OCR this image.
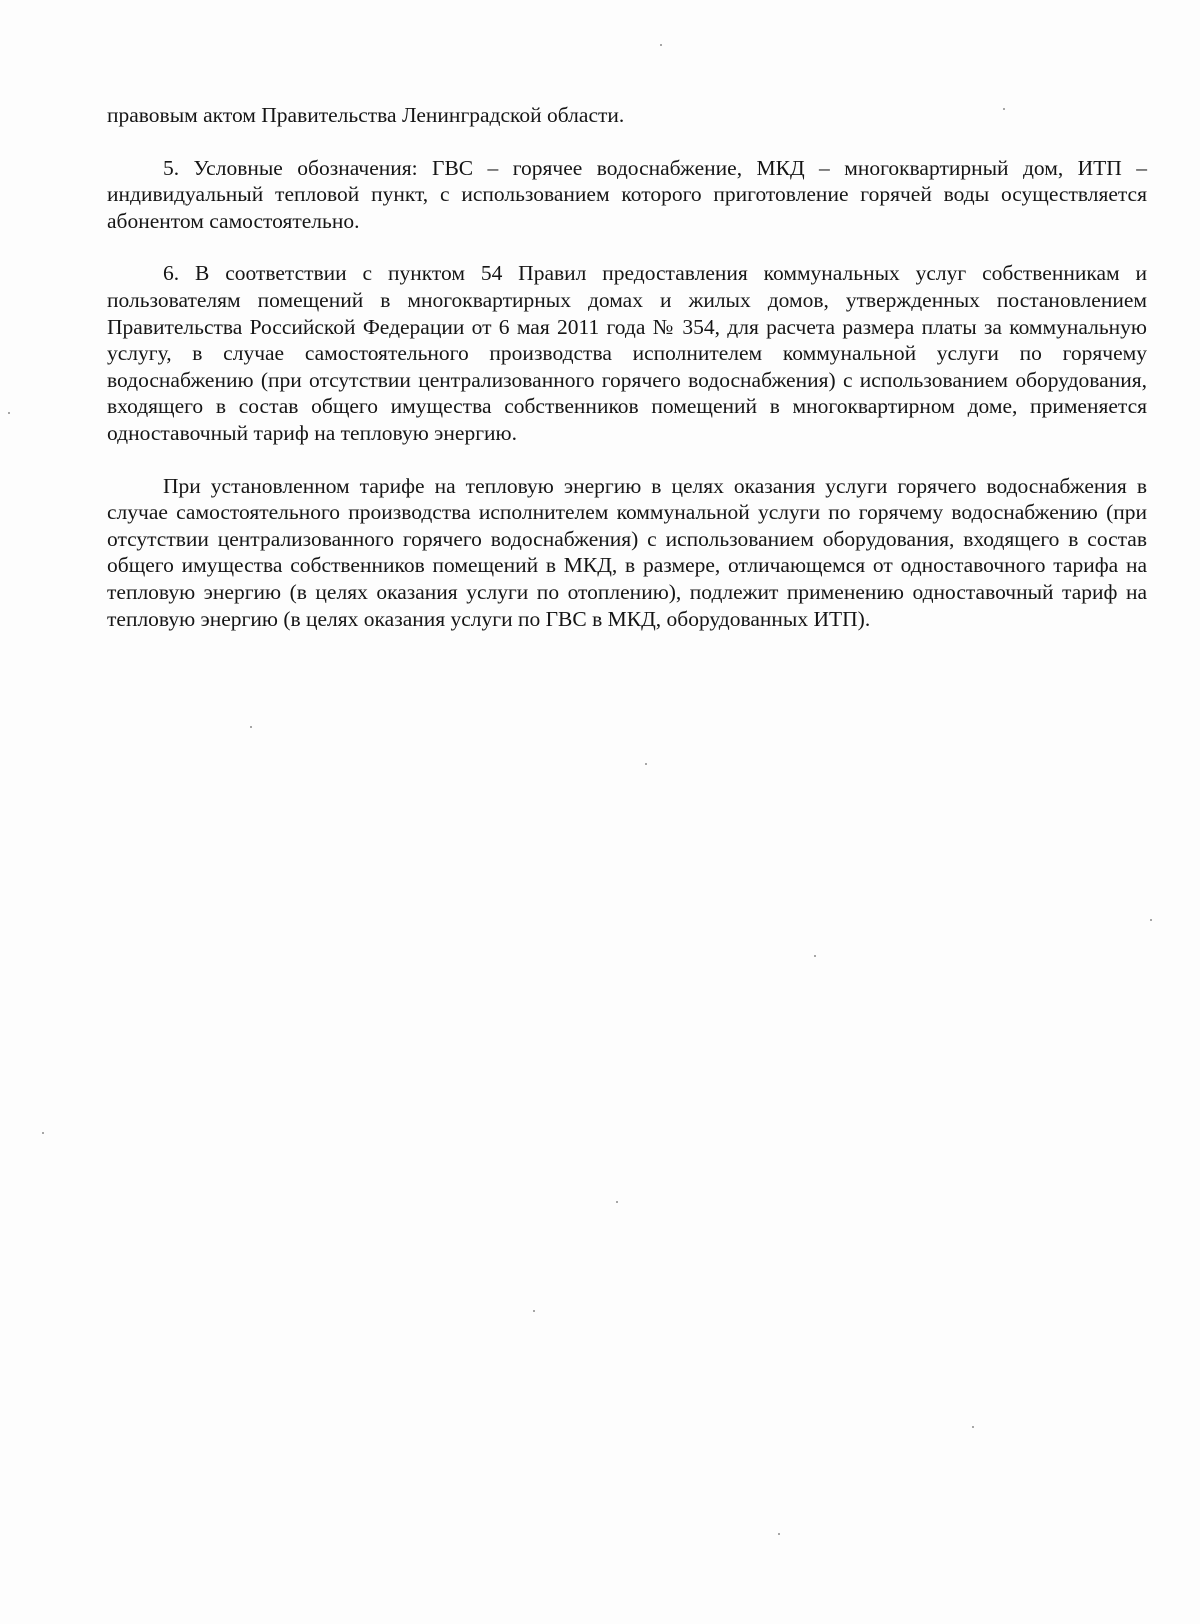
правовым актом Правительства Ленинградской области.

5. Условные обозначения: ГВС – горячее водоснабжение, МКД – многоквартирный дом, ИТП – индивидуальный тепловой пункт, с использованием которого приготовление горячей воды осуществляется абонентом самостоятельно.

6. В соответствии с пунктом 54 Правил предоставления коммунальных услуг собственникам и пользователям помещений в многоквартирных домах и жилых домов, утвержденных постановлением Правительства Российской Федерации от 6 мая 2011 года № 354, для расчета размера платы за коммунальную услугу, в случае самостоятельного производства исполнителем коммунальной услуги по горячему водоснабжению (при отсутствии централизованного горячего водоснабжения) с использованием оборудования, входящего в состав общего имущества собственников помещений в многоквартирном доме, применяется одноставочный тариф на тепловую энергию.

При установленном тарифе на тепловую энергию в целях оказания услуги горячего водоснабжения в случае самостоятельного производства исполнителем коммунальной услуги по горячему водоснабжению (при отсутствии централизованного горячего водоснабжения) с использованием оборудования, входящего в состав общего имущества собственников помещений в МКД, в размере, отличающемся от одноставочного тарифа на тепловую энергию (в целях оказания услуги по отоплению), подлежит применению одноставочный тариф на тепловую энергию (в целях оказания услуги по ГВС в МКД, оборудованных ИТП).
